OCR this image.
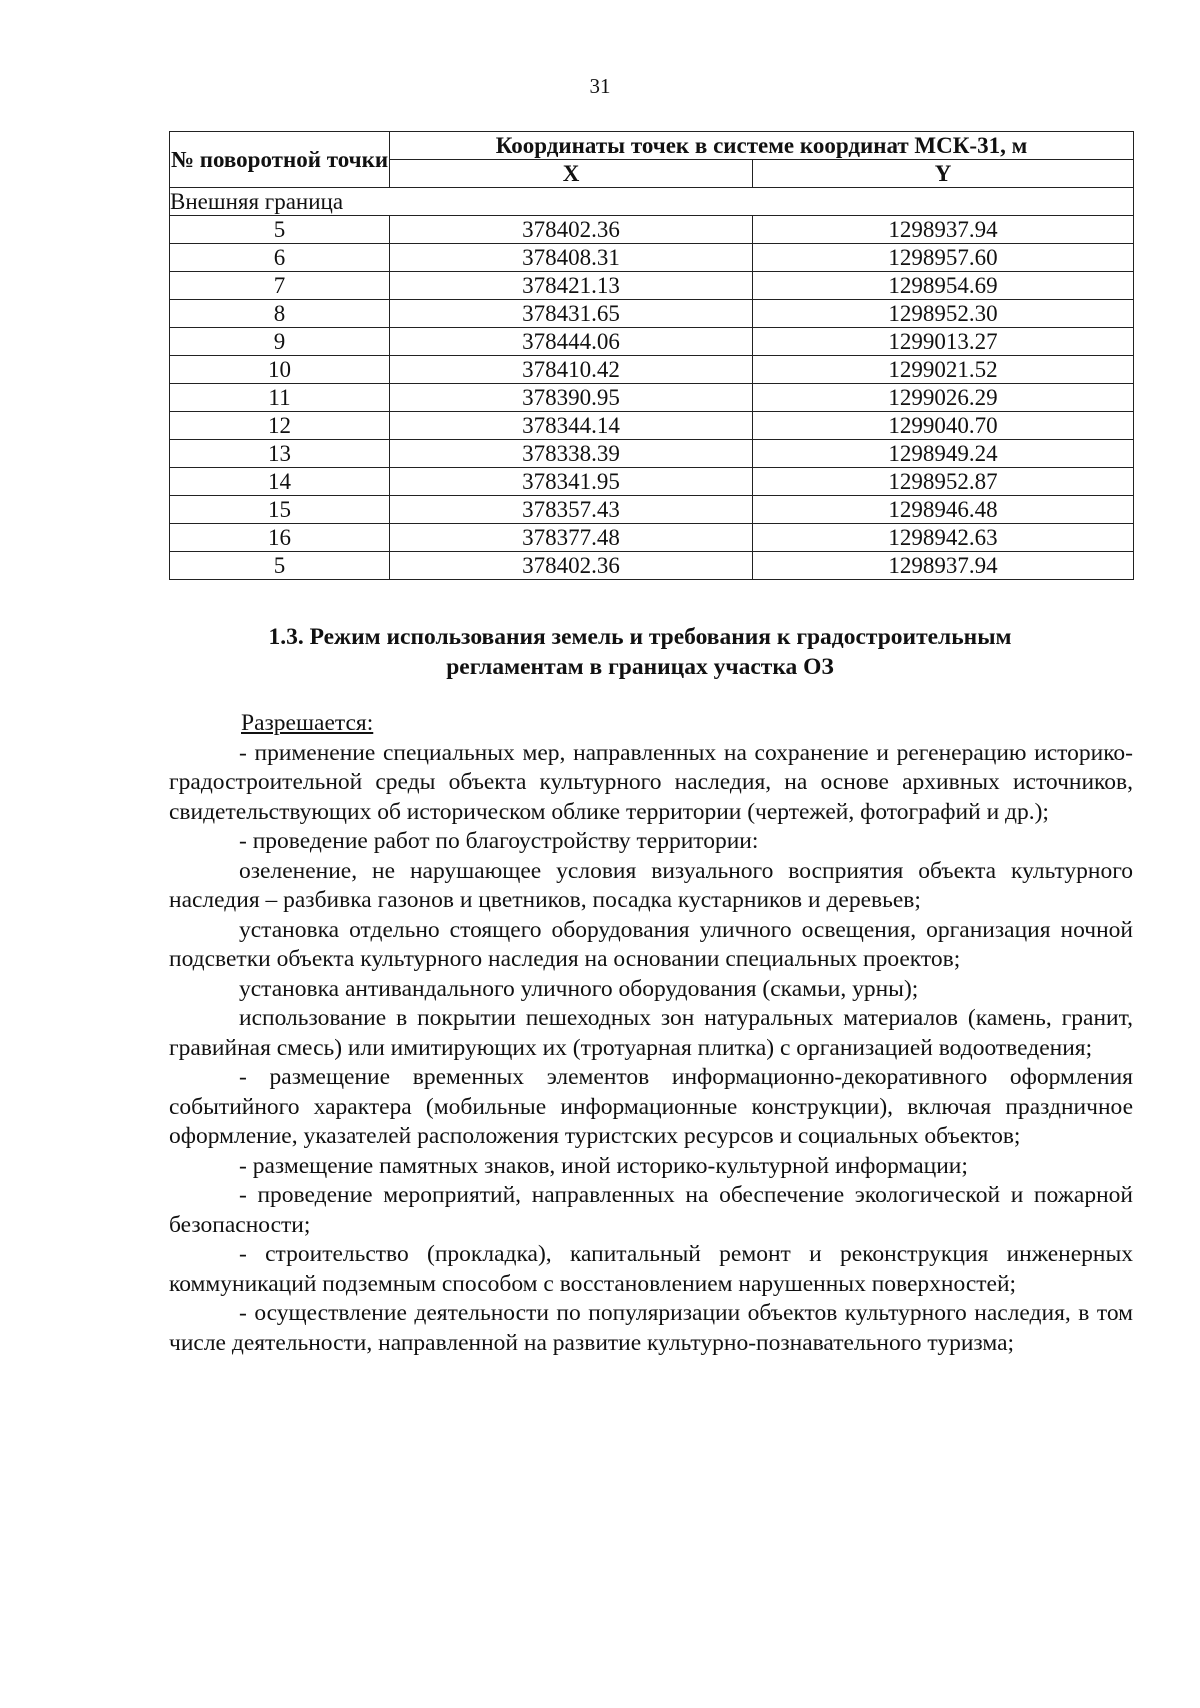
31
№ поворотной точки	Координаты точек в системе координат МСК-31, м	
	X	Y
Внешняя граница		
5	378402.36	1298937.94
6	378408.31	1298957.60
7	378421.13	1298954.69
8	378431.65	1298952.30
9	378444.06	1299013.27
10	378410.42	1299021.52
11	378390.95	1299026.29
12	378344.14	1299040.70
13	378338.39	1298949.24
14	378341.95	1298952.87
15	378357.43	1298946.48
16	378377.48	1298942.63
5	378402.36	1298937.94
1.3. Режим использования земель и требования к градостроительным
регламентам в границах участка ОЗ

Разрешается:

- применение специальных мер, направленных на сохранение и регенерацию историко-градостроительной среды объекта культурного наследия, на основе архивных источников, свидетельствующих об историческом облике территории (чертежей, фотографий и др.);

- проведение работ по благоустройству территории:

озеленение, не нарушающее условия визуального восприятия объекта культурного наследия – разбивка газонов и цветников, посадка кустарников и деревьев;

установка отдельно стоящего оборудования уличного освещения, организация ночной подсветки объекта культурного наследия на основании специальных проектов;

установка антивандального уличного оборудования (скамьи, урны);

использование в покрытии пешеходных зон натуральных материалов (камень, гранит, гравийная смесь) или имитирующих их (тротуарная плитка) с организацией водоотведения;

- размещение временных элементов информационно-декоративного оформления событийного характера (мобильные информационные конструкции), включая праздничное оформление, указателей расположения туристских ресурсов и социальных объектов;

- размещение памятных знаков, иной историко-культурной информации;

- проведение мероприятий, направленных на обеспечение экологической и пожарной безопасности;

- строительство (прокладка), капитальный ремонт и реконструкция инженерных коммуникаций подземным способом с восстановлением нарушенных поверхностей;

- осуществление деятельности по популяризации объектов культурного наследия, в том числе деятельности, направленной на развитие культурно-познавательного туризма;
